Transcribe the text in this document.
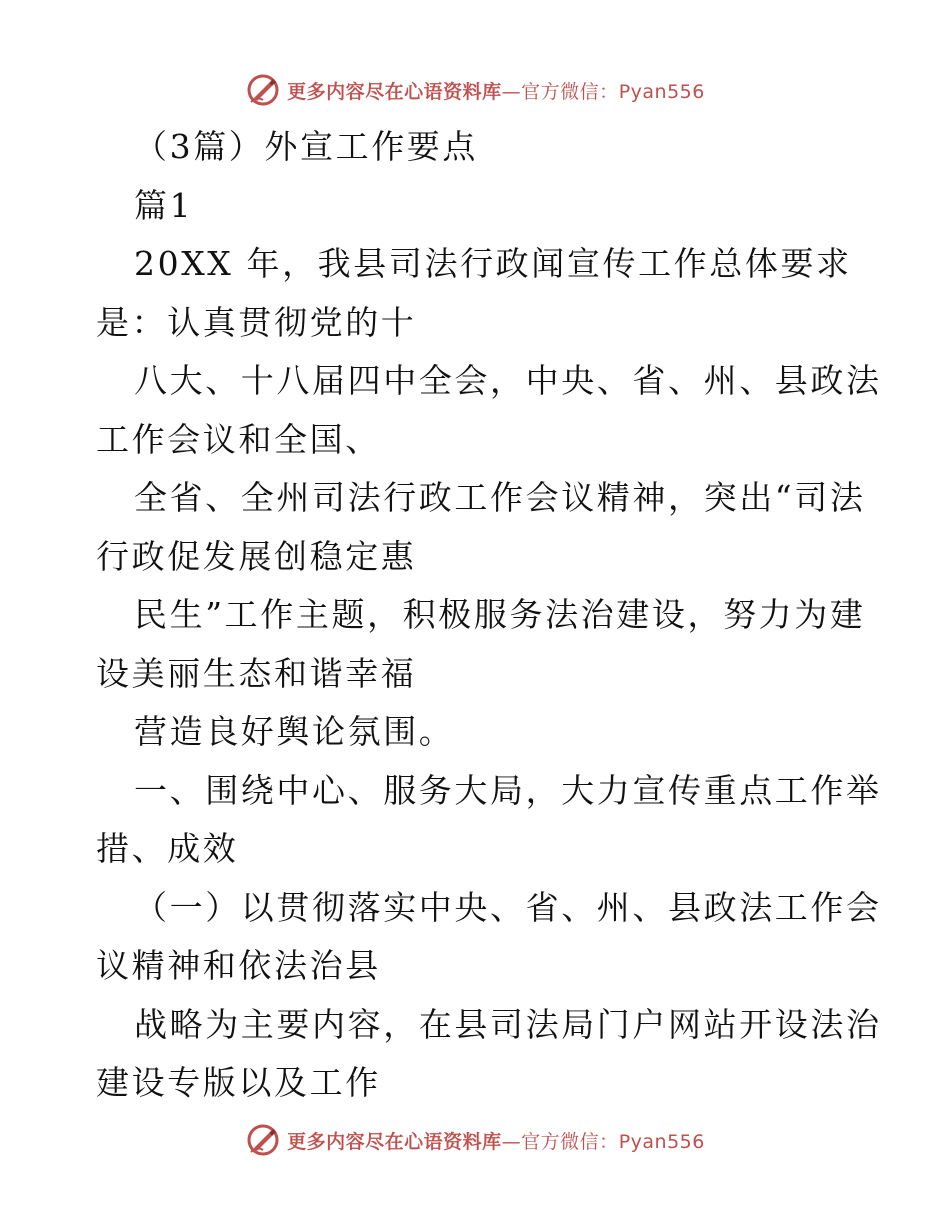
更多内容尽在心语资料库—官方微信：Pyan556
（3篇）外宣工作要点
篇1
20XX 年，我县司法行政闻宣传工作总体要求
是：认真贯彻党的十
八大、十八届四中全会，中央、省、州、县政法
工作会议和全国、
全省、全州司法行政工作会议精神，突出“司法
行政促发展创稳定惠
民生”工作主题，积极服务法治建设，努力为建
设美丽生态和谐幸福
营造良好舆论氛围。
一、围绕中心、服务大局，大力宣传重点工作举
措、成效
（一）以贯彻落实中央、省、州、县政法工作会
议精神和依法治县
战略为主要内容，在县司法局门户网站开设法治
建设专版以及工作
更多内容尽在心语资料库—官方微信：Pyan556
